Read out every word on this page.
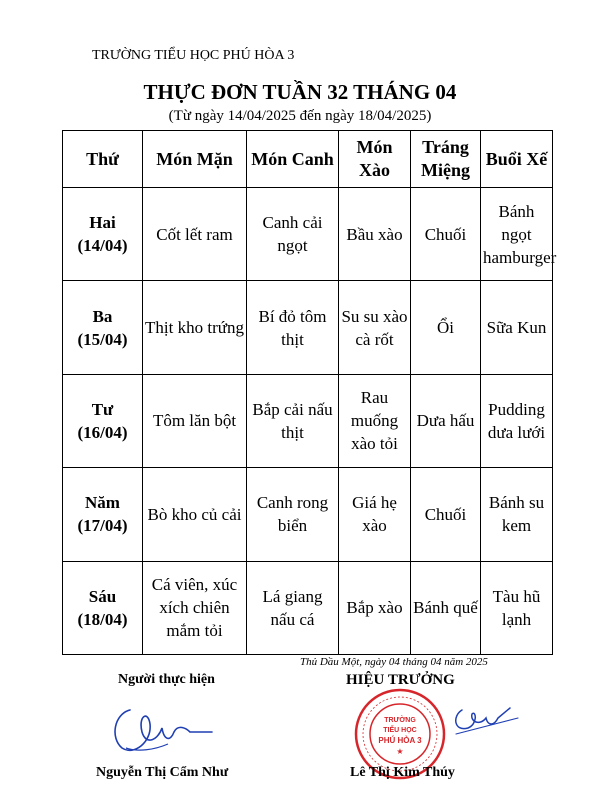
TRƯỜNG TIỂU HỌC PHÚ HÒA 3
THỰC ĐƠN TUẦN 32 THÁNG 04
(Từ ngày 14/04/2025 đến ngày 18/04/2025)
Thứ	Món Mặn	Món Canh	Món Xào	Tráng Miệng	Buổi Xế

Hai
(14/04)	Cốt lết ram	Canh cải ngọt	Bầu xào	Chuối	Bánh ngọt hamburger

Ba
(15/04)	Thịt kho trứng	Bí đỏ tôm thịt	Su su xào cà rốt	Ổi	Sữa Kun

Tư
(16/04)	Tôm lăn bột	Bắp cải nấu thịt	Rau muống xào tỏi	Dưa hấu	Pudding dưa lưới

Năm
(17/04)	Bò kho củ cải	Canh rong biển	Giá hẹ xào	Chuối	Bánh su kem

Sáu
(18/04)	Cá viên, xúc xích chiên mắm tỏi	Lá giang nấu cá	Bắp xào	Bánh quế	Tàu hũ lạnh
Thủ Dầu Một, ngày 04 tháng 04 năm 2025
Người thực hiện	HIỆU TRƯỞNG
TRƯỜNG
TIỂU HỌC
PHÚ HÒA 3
★
Nguyễn Thị Cẩm Như	Lê Thị Kim Thúy
